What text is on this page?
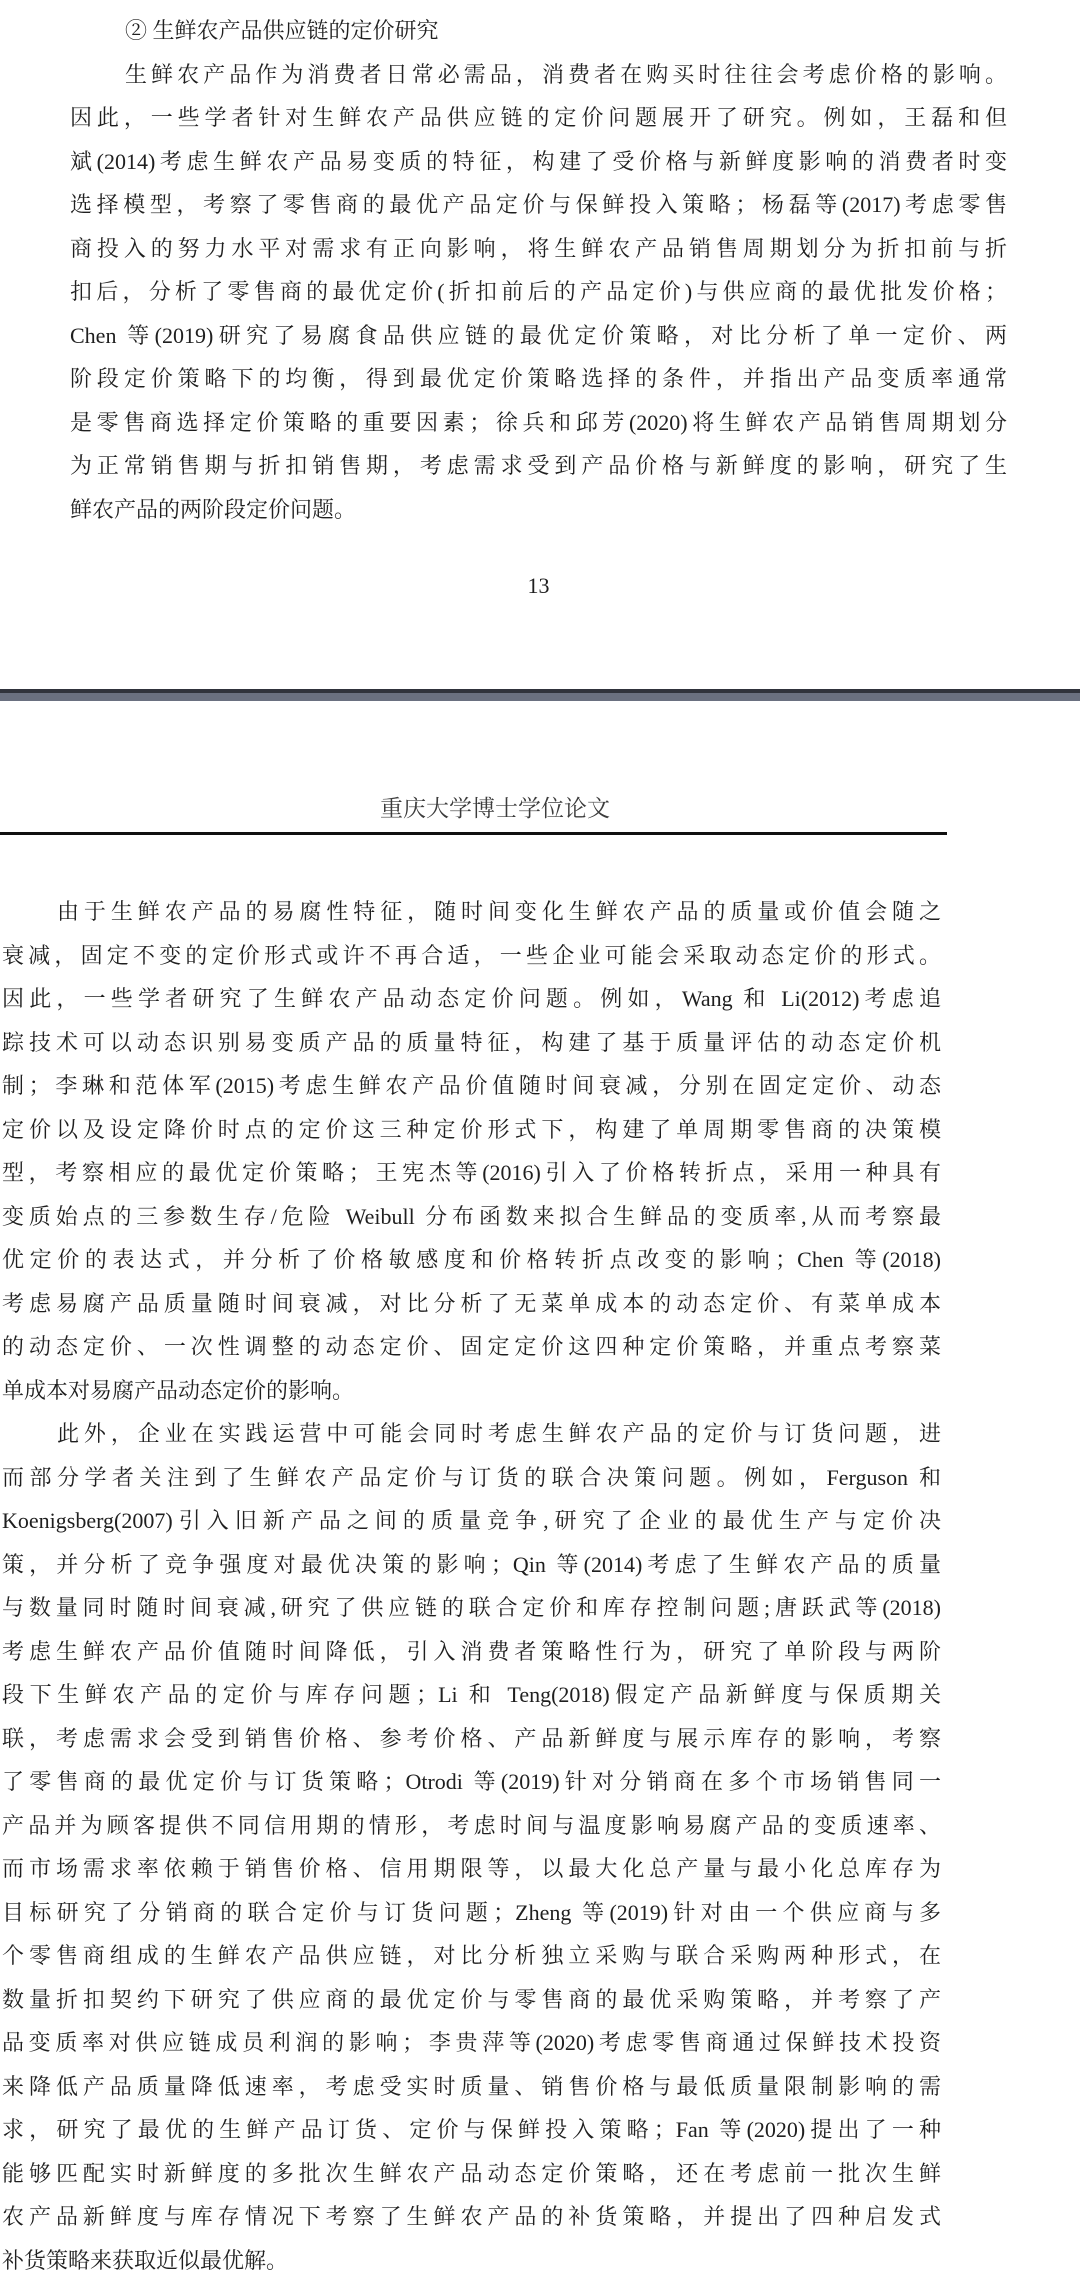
② 生鲜农产品供应链的定价研究
生鲜农产品作为消费者日常必需品，消费者在购买时往往会考虑价格的影响。
因此，一些学者针对生鲜农产品供应链的定价问题展开了研究。例如，王磊和但
斌(2014)考虑生鲜农产品易变质的特征，构建了受价格与新鲜度影响的消费者时变
选择模型，考察了零售商的最优产品定价与保鲜投入策略；杨磊等(2017)考虑零售
商投入的努力水平对需求有正向影响，将生鲜农产品销售周期划分为折扣前与折
扣后，分析了零售商的最优定价(折扣前后的产品定价)与供应商的最优批发价格；
Chen 等(2019)研究了易腐食品供应链的最优定价策略，对比分析了单一定价、两
阶段定价策略下的均衡，得到最优定价策略选择的条件，并指出产品变质率通常
是零售商选择定价策略的重要因素；徐兵和邱芳(2020)将生鲜农产品销售周期划分
为正常销售期与折扣销售期，考虑需求受到产品价格与新鲜度的影响，研究了生
鲜农产品的两阶段定价问题。
13
重庆大学博士学位论文
由于生鲜农产品的易腐性特征，随时间变化生鲜农产品的质量或价值会随之
衰减，固定不变的定价形式或许不再合适，一些企业可能会采取动态定价的形式。
因此，一些学者研究了生鲜农产品动态定价问题。例如，Wang 和 Li(2012)考虑追
踪技术可以动态识别易变质产品的质量特征，构建了基于质量评估的动态定价机
制；李琳和范体军(2015)考虑生鲜农产品价值随时间衰减，分别在固定定价、动态
定价以及设定降价时点的定价这三种定价形式下，构建了单周期零售商的决策模
型，考察相应的最优定价策略；王宪杰等(2016)引入了价格转折点，采用一种具有
变质始点的三参数生存/危险 Weibull 分布函数来拟合生鲜品的变质率,从而考察最
优定价的表达式，并分析了价格敏感度和价格转折点改变的影响；Chen 等(2018)
考虑易腐产品质量随时间衰减，对比分析了无菜单成本的动态定价、有菜单成本
的动态定价、一次性调整的动态定价、固定定价这四种定价策略，并重点考察菜
单成本对易腐产品动态定价的影响。
此外，企业在实践运营中可能会同时考虑生鲜农产品的定价与订货问题，进
而部分学者关注到了生鲜农产品定价与订货的联合决策问题。例如，Ferguson 和
Koenigsberg(2007)引入旧新产品之间的质量竞争,研究了企业的最优生产与定价决
策，并分析了竞争强度对最优决策的影响；Qin 等(2014)考虑了生鲜农产品的质量
与数量同时随时间衰减,研究了供应链的联合定价和库存控制问题;唐跃武等(2018)
考虑生鲜农产品价值随时间降低，引入消费者策略性行为，研究了单阶段与两阶
段下生鲜农产品的定价与库存问题；Li 和 Teng(2018)假定产品新鲜度与保质期关
联，考虑需求会受到销售价格、参考价格、产品新鲜度与展示库存的影响，考察
了零售商的最优定价与订货策略；Otrodi 等(2019)针对分销商在多个市场销售同一
产品并为顾客提供不同信用期的情形，考虑时间与温度影响易腐产品的变质速率、
而市场需求率依赖于销售价格、信用期限等，以最大化总产量与最小化总库存为
目标研究了分销商的联合定价与订货问题；Zheng 等(2019)针对由一个供应商与多
个零售商组成的生鲜农产品供应链，对比分析独立采购与联合采购两种形式，在
数量折扣契约下研究了供应商的最优定价与零售商的最优采购策略，并考察了产
品变质率对供应链成员利润的影响；李贵萍等(2020)考虑零售商通过保鲜技术投资
来降低产品质量降低速率，考虑受实时质量、销售价格与最低质量限制影响的需
求，研究了最优的生鲜产品订货、定价与保鲜投入策略；Fan 等(2020)提出了一种
能够匹配实时新鲜度的多批次生鲜农产品动态定价策略，还在考虑前一批次生鲜
农产品新鲜度与库存情况下考察了生鲜农产品的补货策略，并提出了四种启发式
补货策略来获取近似最优解。
